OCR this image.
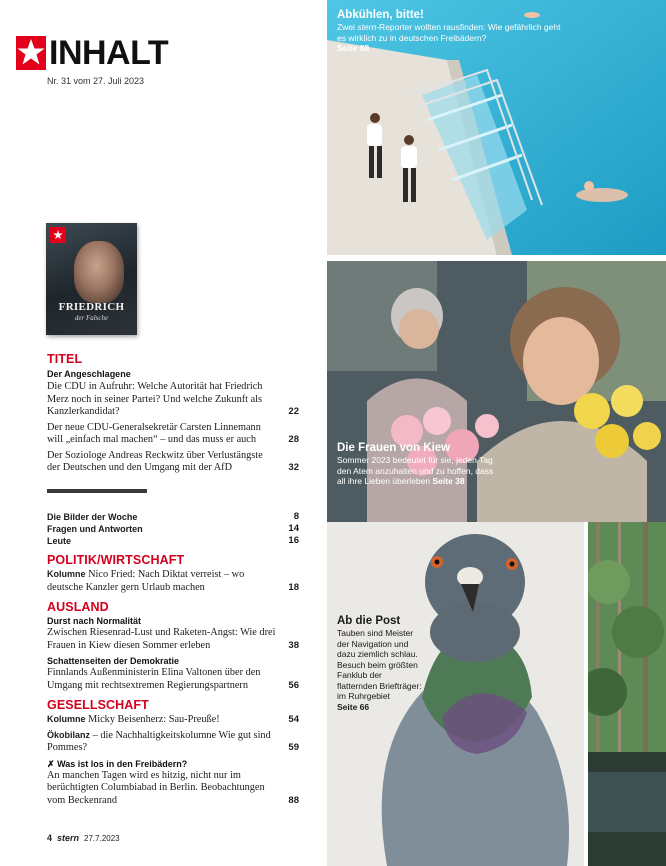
INHALT
Nr. 31 vom 27. Juli 2023
FRIEDRICH
der Falsche
TITEL
Der Angeschlagene
Die CDU in Aufruhr: Welche Autorität hat Friedrich Merz noch in seiner Partei? Und welche Zukunft als Kanzlerkandidat?	22
Der neue CDU-Generalsekretär Carsten Linnemann will „einfach mal machen“ – und das muss er auch	28
Der Soziologe Andreas Reckwitz über Verlustängste der Deutschen und den Umgang mit der AfD	32
Die Bilder der Woche	8
Fragen und Antworten	14
Leute	16
POLITIK/WIRTSCHAFT
Kolumne Nico Fried: Nach Diktat verreist – wo deutsche Kanzler gern Urlaub machen	18
AUSLAND
Durst nach Normalität
Zwischen Riesenrad-Lust und Raketen-Angst: Wie drei Frauen in Kiew diesen Sommer erleben	38
Schattenseiten der Demokratie
Finnlands Außenministerin Elina Valtonen über den Umgang mit rechtsextremen Regierungspartnern	56
GESELLSCHAFT
Kolumne Micky Beisenherz: Sau-Preuße!	54
Ökobilanz – die Nachhaltigkeitskolumne Wie gut sind Pommes?	59
✗ Was ist los in den Freibädern?
An manchen Tagen wird es hitzig, nicht nur im berüchtigten Columbiabad in Berlin. Beobachtungen vom Beckenrand	88
4 stern 27.7.2023
Abkühlen, bitte!
Zwei stern-Reporter wollten rausfinden: Wie gefährlich geht es wirklich zu in deutschen Freibädern?
Seite 88
Die Frauen von Kiew
Sommer 2023 bedeutet für sie, jeden Tag den Atem anzuhalten und zu hoffen, dass all ihre Lieben überleben Seite 38
Ab die Post
Tauben sind Meister der Navigation und dazu ziemlich schlau. Besuch beim größten Fanklub der flatternden Briefträger: im Ruhrgebiet
Seite 66
